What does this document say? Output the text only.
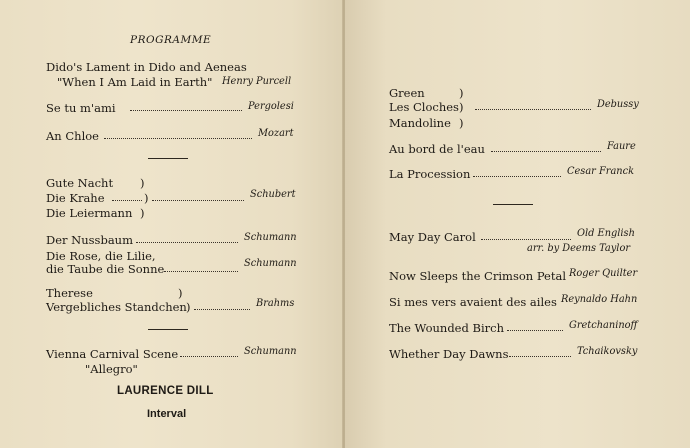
PROGRAMME
Dido's Lament in Dido and Aeneas
"When I Am Laid in Earth" Henry Purcell
Se tu m'ami	Pergolesi
An Chloe	Mozart
Gute Nacht )
Die Krahe	)	Schubert
Die Leiermann )
Der Nussbaum	Schumann
Die Rose, die Lilie,
die Taube die Sonne	Schumann
Therese	)
Vergebliches Standchen )	Brahms
Vienna Carnival Scene	Schumann
"Allegro"
LAURENCE DILL
Interval
Green	)
Les Cloches )	Debussy
Mandoline )
Au bord de l'eau	Faure
La Procession	Cesar Franck
May Day Carol	Old English
arr. by Deems Taylor
Now Sleeps the Crimson Petal Roger Quilter
Si mes vers avaient des ailes Reynaldo Hahn
The Wounded Birch	Gretchaninoff
Whether Day Dawns	Tchaikovsky
